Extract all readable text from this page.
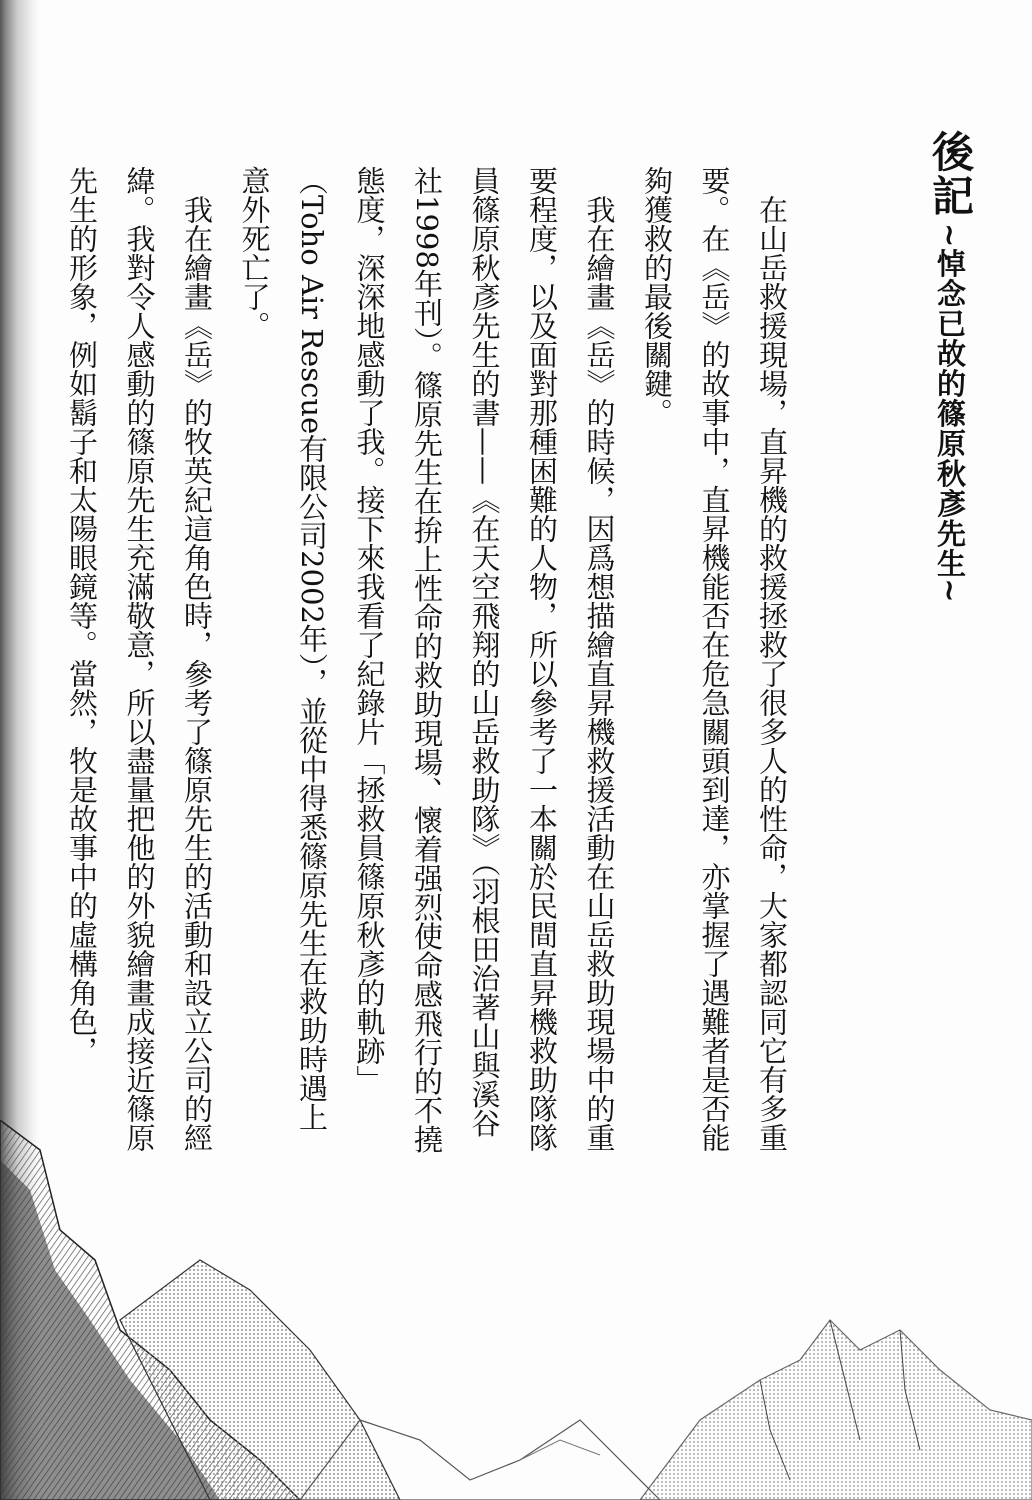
後記 ~悼念已故的篠原秋彥先生~

在山岳救援現場，直昇機的救援拯救了很多人的性命，大家都認同它有多重要。在《岳》的故事中，直昇機能否在危急關頭到達，亦掌握了遇難者是否能夠獲救的最後關鍵。

我在繪畫《岳》的時候，因爲想描繪直昇機救援活動在山岳救助現場中的重要程度，以及面對那種困難的人物，所以參考了一本關於民間直昇機救助隊隊員篠原秋彥先生的書——《在天空飛翔的山岳救助隊》（羽根田治著山與溪谷社1998年刊）。篠原先生在拚上性命的救助現場、懷着强烈使命感飛行的不撓態度，深深地感動了我。接下來我看了紀錄片「拯救員篠原秋彥的軌跡」（Toho Air Rescue有限公司2002年），並從中得悉篠原先生在救助時遇上意外死亡了。

我在繪畫《岳》的牧英紀這角色時，參考了篠原先生的活動和設立公司的經緯。我對令人感動的篠原先生充滿敬意，所以盡量把他的外貌繪畫成接近篠原先生的形象，例如鬍子和太陽眼鏡等。當然，牧是故事中的虛構角色，
